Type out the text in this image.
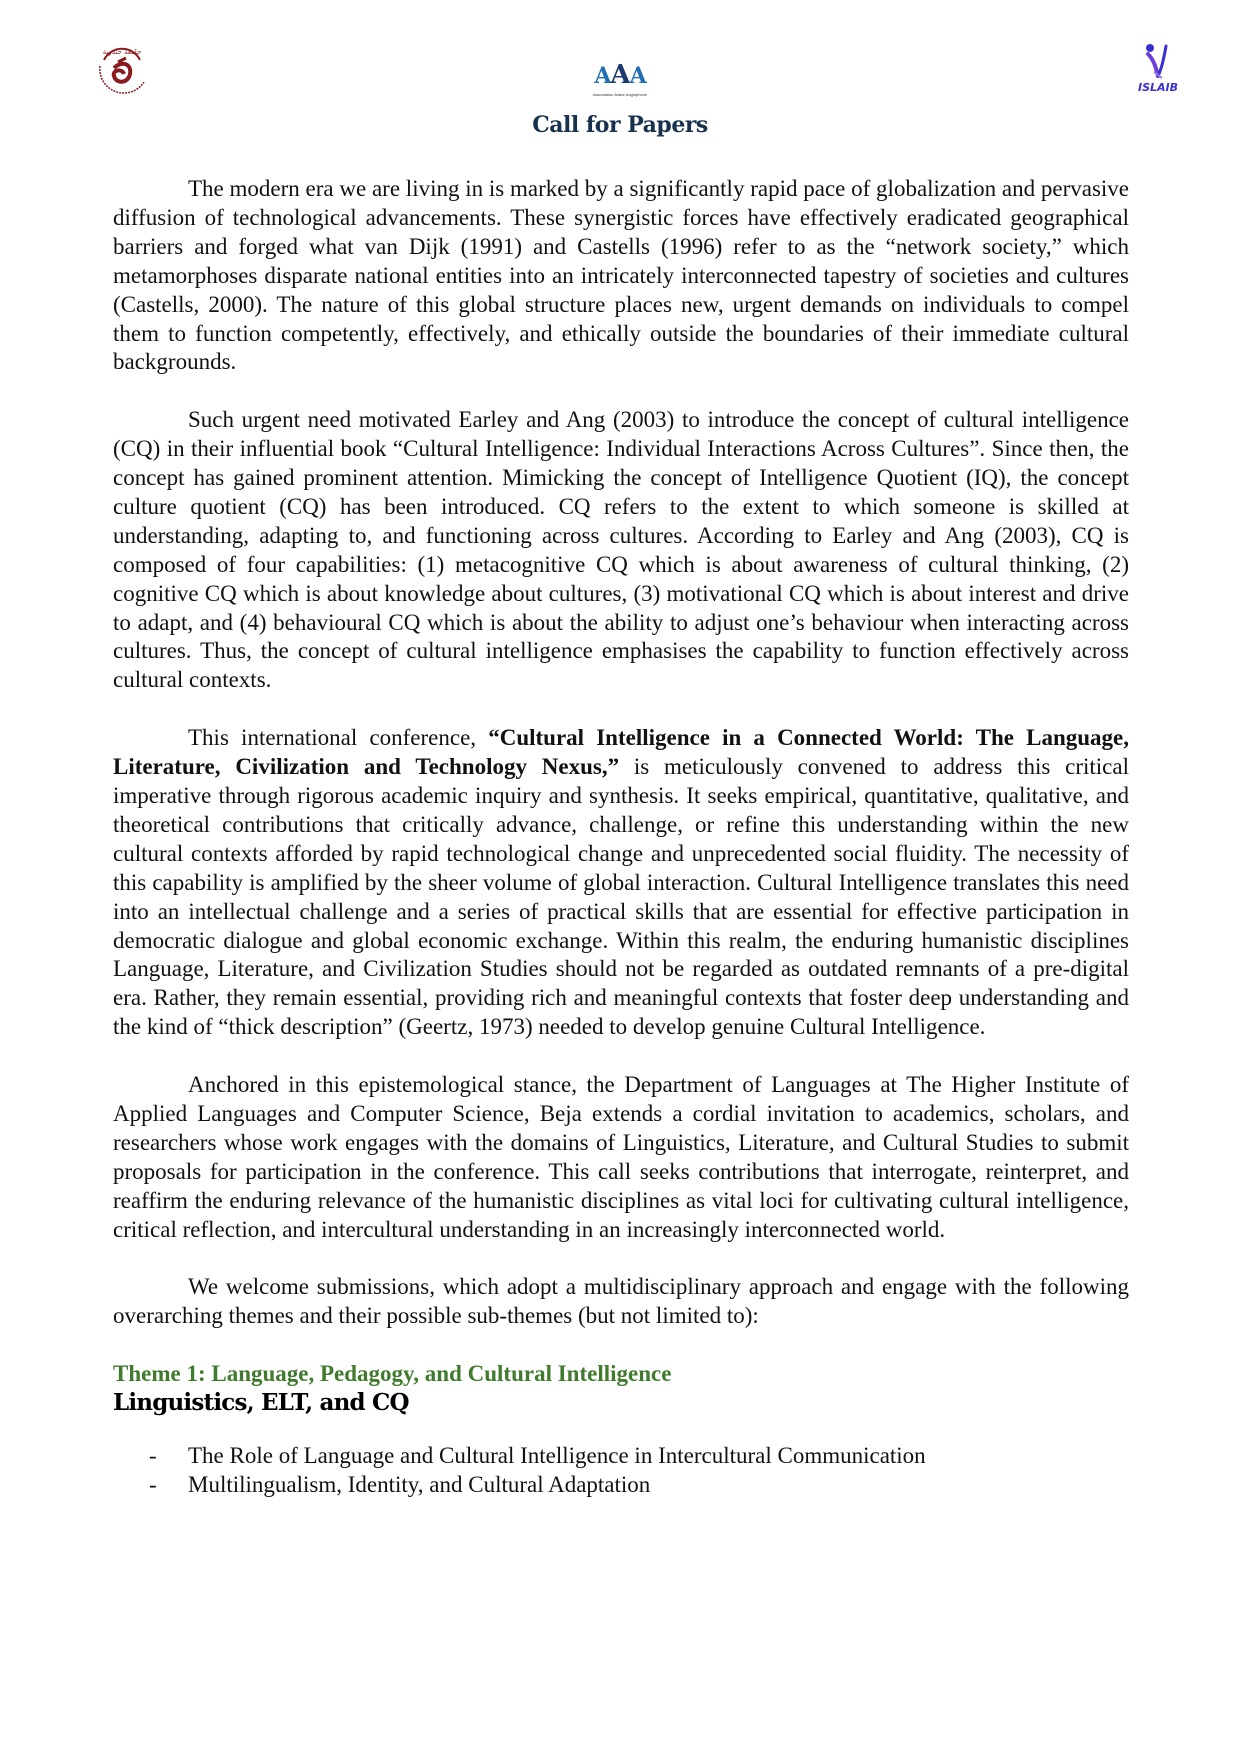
جامعة جندوبة
AAA
Association Arabe Anglophone
Call for Papers
ISLAIB

The modern era we are living in is marked by a significantly rapid pace of globalization and pervasive diffusion of technological advancements. These synergistic forces have effectively eradicated geographical barriers and forged what van Dijk (1991) and Castells (1996) refer to as the “network society,” which metamorphoses disparate national entities into an intricately interconnected tapestry of societies and cultures (Castells, 2000). The nature of this global structure places new, urgent demands on individuals to compel them to function competently, effectively, and ethically outside the boundaries of their immediate cultural backgrounds.

Such urgent need motivated Earley and Ang (2003) to introduce the concept of cultural intelligence (CQ) in their influential book “Cultural Intelligence: Individual Interactions Across Cultures”. Since then, the concept has gained prominent attention. Mimicking the concept of Intelligence Quotient (IQ), the concept culture quotient (CQ) has been introduced. CQ refers to the extent to which someone is skilled at understanding, adapting to, and functioning across cultures. According to Earley and Ang (2003), CQ is composed of four capabilities: (1) metacognitive CQ which is about awareness of cultural thinking, (2) cognitive CQ which is about knowledge about cultures, (3) motivational CQ which is about interest and drive to adapt, and (4) behavioural CQ which is about the ability to adjust one’s behaviour when interacting across cultures. Thus, the concept of cultural intelligence emphasises the capability to function effectively across cultural contexts.

This international conference, “Cultural Intelligence in a Connected World: The Language, Literature, Civilization and Technology Nexus,” is meticulously convened to address this critical imperative through rigorous academic inquiry and synthesis. It seeks empirical, quantitative, qualitative, and theoretical contributions that critically advance, challenge, or refine this understanding within the new cultural contexts afforded by rapid technological change and unprecedented social fluidity. The necessity of this capability is amplified by the sheer volume of global interaction. Cultural Intelligence translates this need into an intellectual challenge and a series of practical skills that are essential for effective participation in democratic dialogue and global economic exchange. Within this realm, the enduring humanistic disciplines Language, Literature, and Civilization Studies should not be regarded as outdated remnants of a pre-digital era. Rather, they remain essential, providing rich and meaningful contexts that foster deep understanding and the kind of “thick description” (Geertz, 1973) needed to develop genuine Cultural Intelligence.

Anchored in this epistemological stance, the Department of Languages at The Higher Institute of Applied Languages and Computer Science, Beja extends a cordial invitation to academics, scholars, and researchers whose work engages with the domains of Linguistics, Literature, and Cultural Studies to submit proposals for participation in the conference. This call seeks contributions that interrogate, reinterpret, and reaffirm the enduring relevance of the humanistic disciplines as vital loci for cultivating cultural intelligence, critical reflection, and intercultural understanding in an increasingly interconnected world.

We welcome submissions, which adopt a multidisciplinary approach and engage with the following overarching themes and their possible sub-themes (but not limited to):

Theme 1: Language, Pedagogy, and Cultural Intelligence
Linguistics, ELT, and CQ
- The Role of Language and Cultural Intelligence in Intercultural Communication
- Multilingualism, Identity, and Cultural Adaptation
